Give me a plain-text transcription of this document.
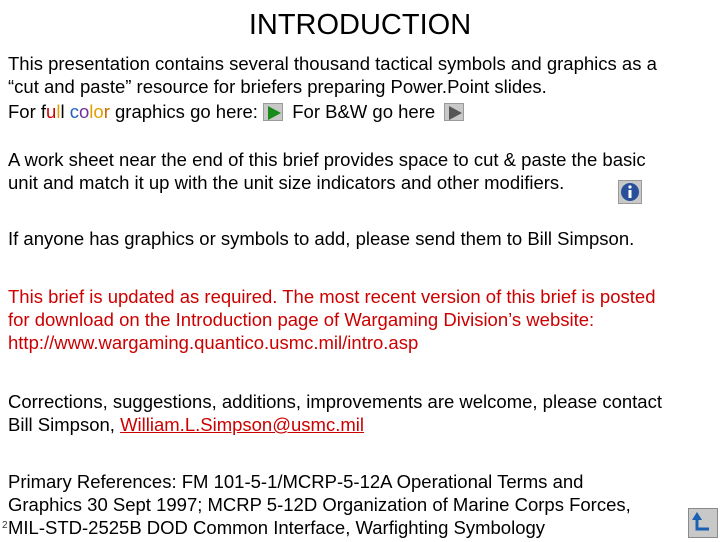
INTRODUCTION
This presentation contains several thousand tactical symbols and graphics as a
“cut and paste” resource for briefers preparing Power.Point slides.
For full color graphics go here: For B&W go here
A work sheet near the end of this brief provides space to cut & paste the basic
unit and match it up with the unit size indicators and other modifiers.
If anyone has graphics or symbols to add, please send them to Bill Simpson.
This brief is updated as required. The most recent version of this brief is posted
for download on the Introduction page of Wargaming Division’s website:
http://www.wargaming.quantico.usmc.mil/intro.asp
Corrections, suggestions, additions, improvements are welcome, please contact
Bill Simpson, William.L.Simpson@usmc.mil
Primary References: FM 101-5-1/MCRP-5-12A Operational Terms and
Graphics 30 Sept 1997; MCRP 5-12D Organization of Marine Corps Forces,
MIL-STD-2525B DOD Common Interface, Warfighting Symbology
2
